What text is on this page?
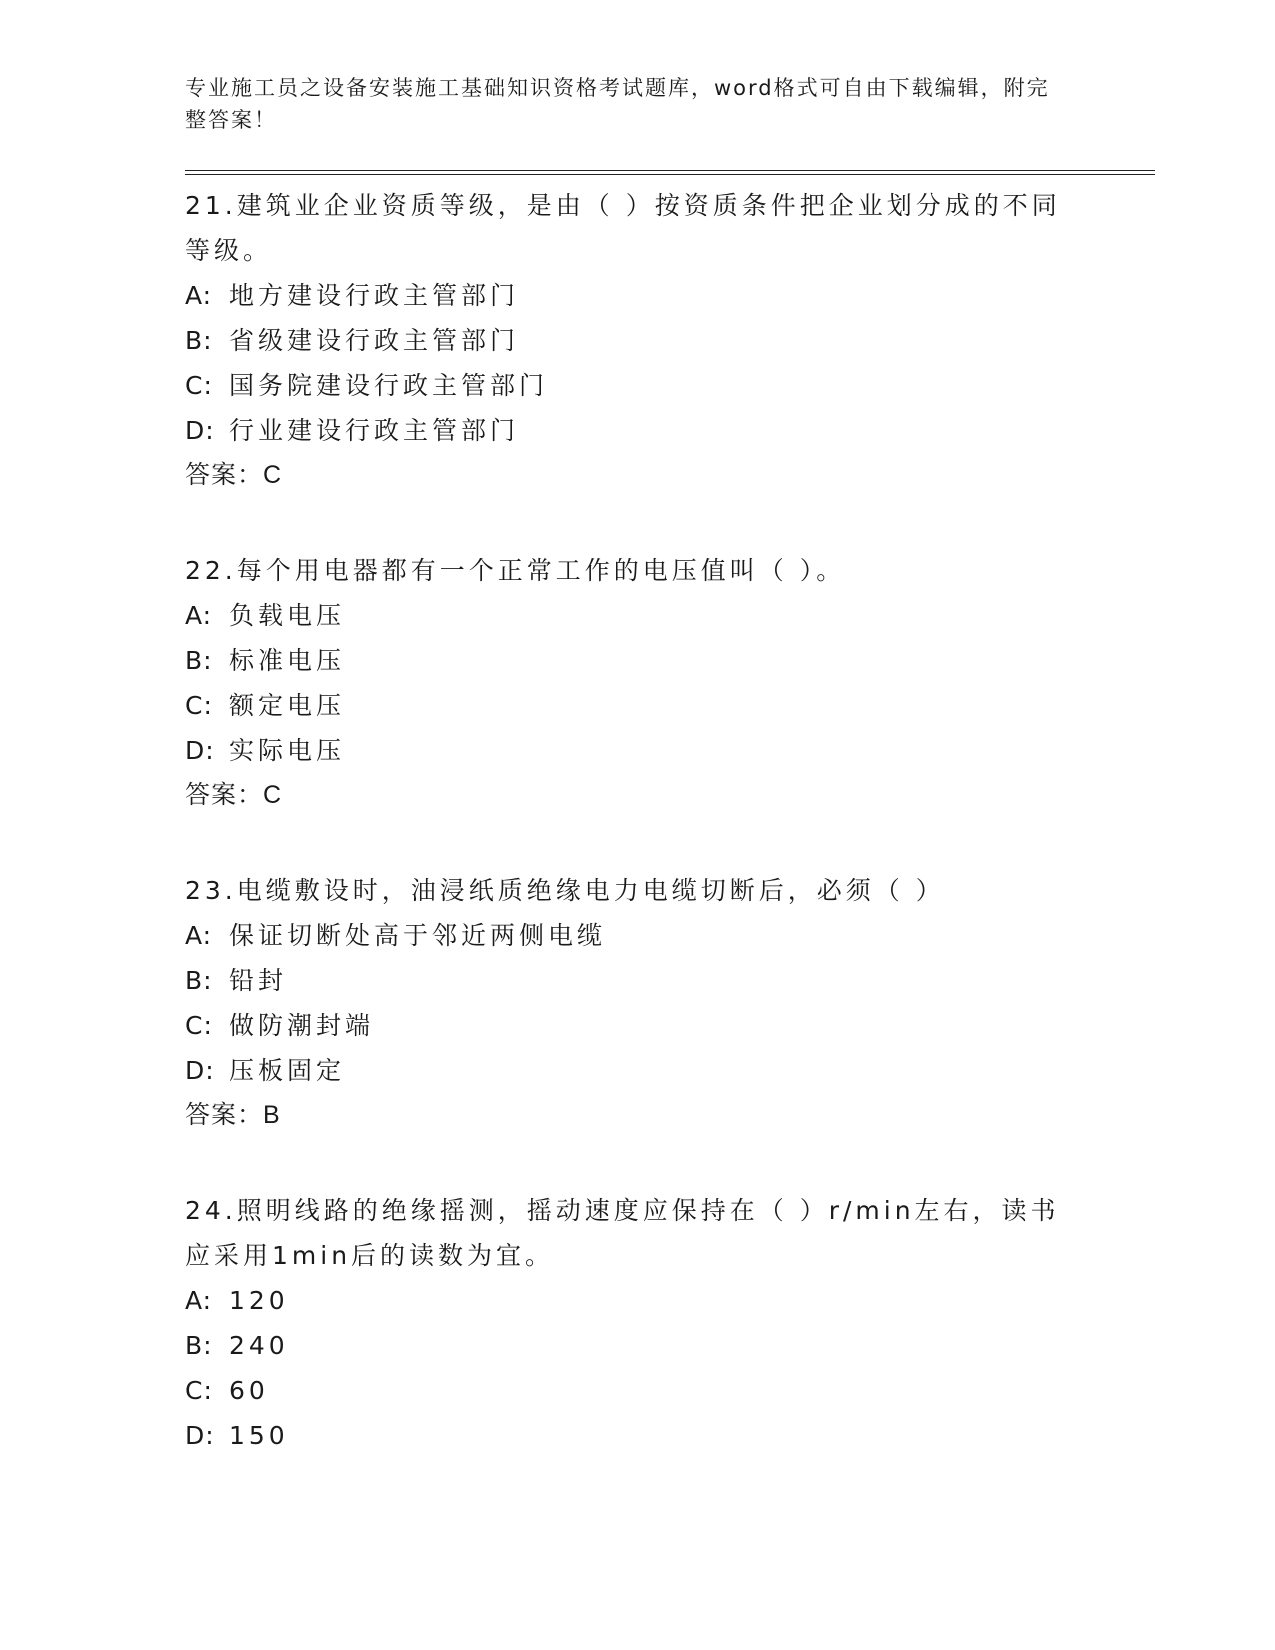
专业施工员之设备安装施工基础知识资格考试题库，word格式可自由下载编辑，附完整答案！

21.建筑业企业资质等级，是由（ ）按资质条件把企业划分成的不同等级。

A: 地方建设行政主管部门

B: 省级建设行政主管部门

C: 国务院建设行政主管部门

D: 行业建设行政主管部门

答案：C

22.每个用电器都有一个正常工作的电压值叫（ ）。

A: 负载电压

B: 标准电压

C: 额定电压

D: 实际电压

答案：C

23.电缆敷设时，油浸纸质绝缘电力电缆切断后，必须（ ）

A: 保证切断处高于邻近两侧电缆

B: 铅封

C: 做防潮封端

D: 压板固定

答案：B

24.照明线路的绝缘摇测，摇动速度应保持在（ ）r/min左右，读书应采用1min后的读数为宜。

A: 120

B: 240

C: 60

D: 150
